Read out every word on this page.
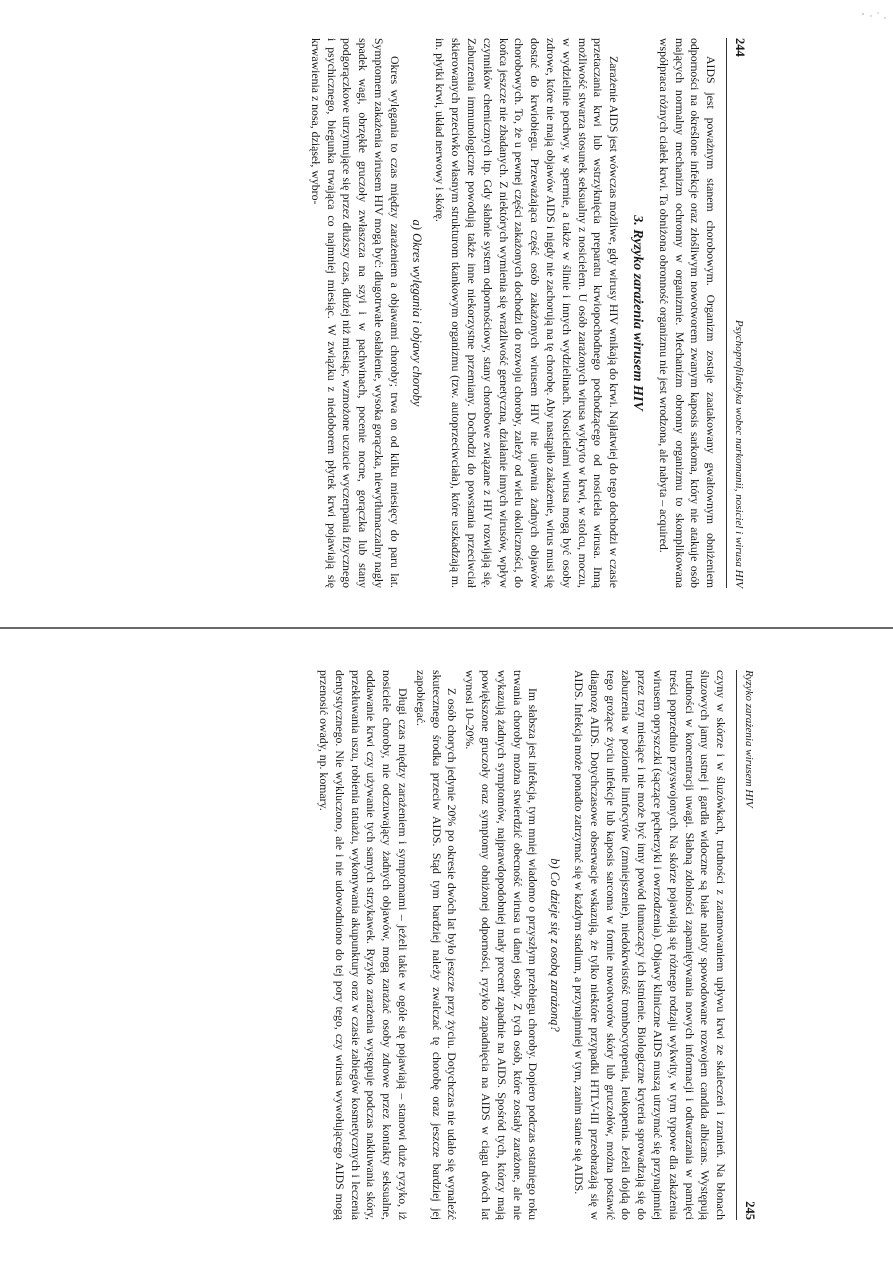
244
Psychoprofilaktyka wobec narkomanii, nosiciel i wirusa HIV

AIDS jest poważnym stanem chorobowym. Organizm zostaje zaatakowany gwałtownym obniżeniem odporności na określone infekcje oraz złośliwym nowotworem zwanym kaposis sarkoma, który nie atakuje osób mających normalny mechanizm ochronny w organizmie. Mechanizm obronny organizmu to skomplikowana współpraca różnych ciałek krwi. Ta obniżona obronność organizmu nie jest wrodzona, ale nabyta – acquired.

3. Ryzyko zarażenia wirusem HIV

Zarażenie AIDS jest wówczas możliwe, gdy wirusy HIV wnikają do krwi. Najłatwiej do tego dochodzi w czasie przetaczania krwi lub wstrzyknięcia preparatu krwiopochodnego pochodzącego od nosiciela wirusa. Inną możliwość stwarza stosunek seksualny z nosicielem. U osób zarażonych wirusa wykryto w krwi, w stolcu, moczu, w wydzielinie pochwy, w spermie, a także w ślinie i innych wydzielinach. Nosicielami wirusa mogą być osoby zdrowe, które nie mają objawów AIDS i nigdy nie zachorują na tę chorobę. Aby nastąpiło zakażenie, wirus musi się dostać do krwiobiegu. Przeważająca część osób zakażonych wirusem HIV nie ujawnia żadnych objawów chorobowych. To, że u pewnej części zakażonych dochodzi do rozwoju choroby, zależy od wielu okoliczności, do końca jeszcze nie zbadanych. Z niektórych wymienia się wrażliwość genetyczna, działanie innych wirusów, wpływ czynników chemicznych itp. Gdy słabnie system odpornościowy, stany chorobowe związane z HIV rozwijają się. Zaburzenia immunologiczne powodują także inne niekorzystne przemiany. Dochodzi do powstania przeciwciał skierowanych przeciwko własnym strukturom tkankowym organizmu (tzw. autoprzeciwciała), które uszkadzają m. in. płytki krwi, układ nerwowy i skórę.

a) Okres wylęgania i objawy choroby

Okres wylęgania to czas między zarażeniem a objawami choroby; trwa on od kilku miesięcy do paru lat. Symptomem zakażenia wirusem HIV mogą być: długotrwałe osłabienie, wysoka gorączka, niewytłumaczalny nagły spadek wagi, obrzękłe gruczoły zwłaszcza na szyi i w pachwinach, pocenie nocne, gorączka lub stany podgorączkowe utrzymujące się przez dłuższy czas, dłużej niż miesiąc, wzmożone uczucie wyczerpania fizycznego i psychicznego, biegunka trwająca co najmniej miesiąc. W związku z niedoborem płytek krwi pojawiają się krwawienia z nosa, dziąseł, wybro-

Ryzyko zarażenia wirusem HIV
245

czyny w skórze i w śluzówkach, trudności z zatamowaniem upływu krwi ze skaleczeń i zranień. Na błonach śluzowych jamy ustnej i gardła widoczne są białe naloty spowodowane rozwojem candida albicans. Występują trudności w koncentracji uwagi. Słabną zdolności zapamiętywania nowych informacji i odtwarzania w pamięci treści poprzednio przyswojonych. Na skórze pojawiają się różnego rodzaju wykwity, w tym typowe dla zakażenia wirusem opryszczki (sączące pęcherzyki i owrzodzenia). Objawy kliniczne AIDS muszą utrzymać się przynajmniej przez trzy miesiące i nie może być inny powód tłumaczący ich istnienie. Biologiczne kryteria sprowadzają się do zaburzenia w poziomie limfocytów (zmniejszenie), niedokrwistość trombocytopenia, leukopenia. Jeżeli dojdą do tego grożące życiu infekcje lub kaposis sarcoma w formie nowotworów skóry lub gruczołów, można postawić diagnozę AIDS. Dotychczasowe obserwacje wskazują, że tylko niektóre przypadki HTLV-III przeobrażają się w AIDS. Infekcja może ponadto zatrzymać się w każdym stadium, a przynajmniej w tym, zanim stanie się AIDS.

b) Co dzieje się z osobą zarażoną?

Im słabsza jest infekcja, tym mniej wiadomo o przyszłym przebiegu choroby. Dopiero podczas ostatniego roku trwania choroby można stwierdzić obecność wirusa u danej osoby. Z tych osób, które zostały zarażone, ale nie wykazują żadnych symptomów, najprawdopodobniej mały procent zapadnie na AIDS. Spośród tych, którzy mają powiększone gruczoły oraz symptomy obniżonej odporności, ryzyko zapadnięcia na AIDS w ciągu dwóch lat wynosi 10–20%.

Z osób chorych jedynie 20% po okresie dwóch lat było jeszcze przy życiu. Dotychczas nie udało się wynaleźć skutecznego środka przeciw AIDS. Stąd tym bardziej należy zwalczać tę chorobę oraz jeszcze bardziej jej zapobiegać.

Długi czas między zarażeniem i symptomami – jeżeli takie w ogóle się pojawiają – stanowi duże ryzyko, iż nosiciele choroby, nie odczuwający żadnych objawów, mogą zarażać osoby zdrowe przez kontakty seksualne, oddawanie krwi czy używanie tych samych strzykawek. Ryzyko zarażenia występuje podczas nakłuwania skóry, przekłuwania uszu, robienia tatuażu, wykonywania akupunktury oraz w czasie zabiegów kosmetycznych i leczenia dentystycznego. Nie wykluczono, ale i nie udowodniono do tej pory tego, czy wirusa wywołującego AIDS mogą przenosić owady, np. komary.
